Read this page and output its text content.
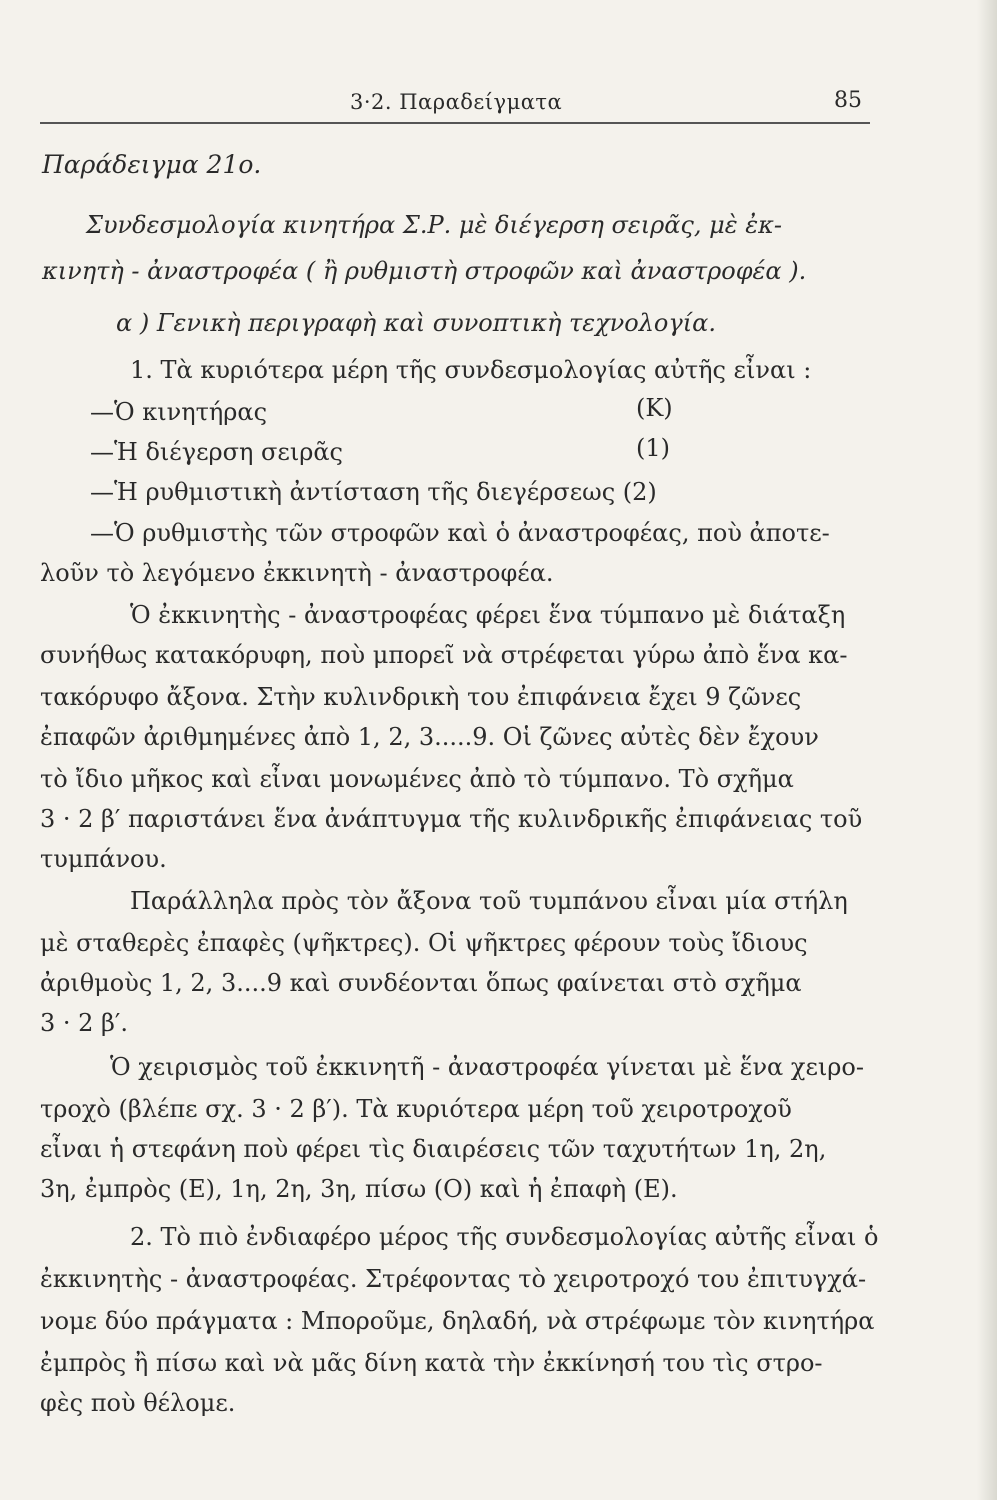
3·2. Παραδείγματα	85
Παράδειγμα 21ο.
Συνδεσμολογία κινητήρα Σ.Ρ. μὲ διέγερση σειρᾶς, μὲ ἐκ-
κινητὴ - ἀναστροφέα ( ἢ ρυθμιστὴ στροφῶν καὶ ἀναστροφέα ).
α ) Γενικὴ περιγραφὴ καὶ συνοπτικὴ τεχνολογία.
1. Τὰ κυριότερα μέρη τῆς συνδεσμολογίας αὐτῆς εἶναι :
—Ὁ κινητήρας	(Κ)
—Ἡ διέγερση σειρᾶς	(1)
—Ἡ ρυθμιστικὴ ἀντίσταση τῆς διεγέρσεως (2)
—Ὁ ρυθμιστὴς τῶν στροφῶν καὶ ὁ ἀναστροφέας, ποὺ ἀποτε-
λοῦν τὸ λεγόμενο ἐκκινητὴ - ἀναστροφέα.
Ὁ ἐκκινητὴς - ἀναστροφέας φέρει ἕνα τύμπανο μὲ διάταξη
συνήθως κατακόρυφη, ποὺ μπορεῖ νὰ στρέφεται γύρω ἀπὸ ἕνα κα-
τακόρυφο ἄξονα. Στὴν κυλινδρικὴ του ἐπιφάνεια ἔχει 9 ζῶνες
ἐπαφῶν ἀριθμημένες ἀπὸ 1, 2, 3.....9. Οἱ ζῶνες αὐτὲς δὲν ἔχουν
τὸ ἴδιο μῆκος καὶ εἶναι μονωμένες ἀπὸ τὸ τύμπανο. Τὸ σχῆμα
3 · 2 β′ παριστάνει ἕνα ἀνάπτυγμα τῆς κυλινδρικῆς ἐπιφάνειας τοῦ
τυμπάνου.
Παράλληλα πρὸς τὸν ἄξονα τοῦ τυμπάνου εἶναι μία στήλη
μὲ σταθερὲς ἐπαφὲς (ψῆκτρες). Οἱ ψῆκτρες φέρουν τοὺς ἴδιους
ἀριθμοὺς 1, 2, 3....9 καὶ συνδέονται ὅπως φαίνεται στὸ σχῆμα
3 · 2 β′.
Ὁ χειρισμὸς τοῦ ἐκκινητῆ - ἀναστροφέα γίνεται μὲ ἕνα χειρο-
τροχὸ (βλέπε σχ. 3 · 2 β′). Τὰ κυριότερα μέρη τοῦ χειροτροχοῦ
εἶναι ἡ στεφάνη ποὺ φέρει τὶς διαιρέσεις τῶν ταχυτήτων 1η, 2η,
3η, ἐμπρὸς (Ε), 1η, 2η, 3η, πίσω (Ο) καὶ ἡ ἐπαφὴ (Ε).
2. Τὸ πιὸ ἐνδιαφέρο μέρος τῆς συνδεσμολογίας αὐτῆς εἶναι ὁ
ἐκκινητὴς - ἀναστροφέας. Στρέφοντας τὸ χειροτροχό του ἐπιτυγχά-
νομε δύο πράγματα : Μποροῦμε, δηλαδή, νὰ στρέφωμε τὸν κινητήρα
ἐμπρὸς ἢ πίσω καὶ νὰ μᾶς δίνη κατὰ τὴν ἐκκίνησή του τὶς στρο-
φὲς ποὺ θέλομε.
